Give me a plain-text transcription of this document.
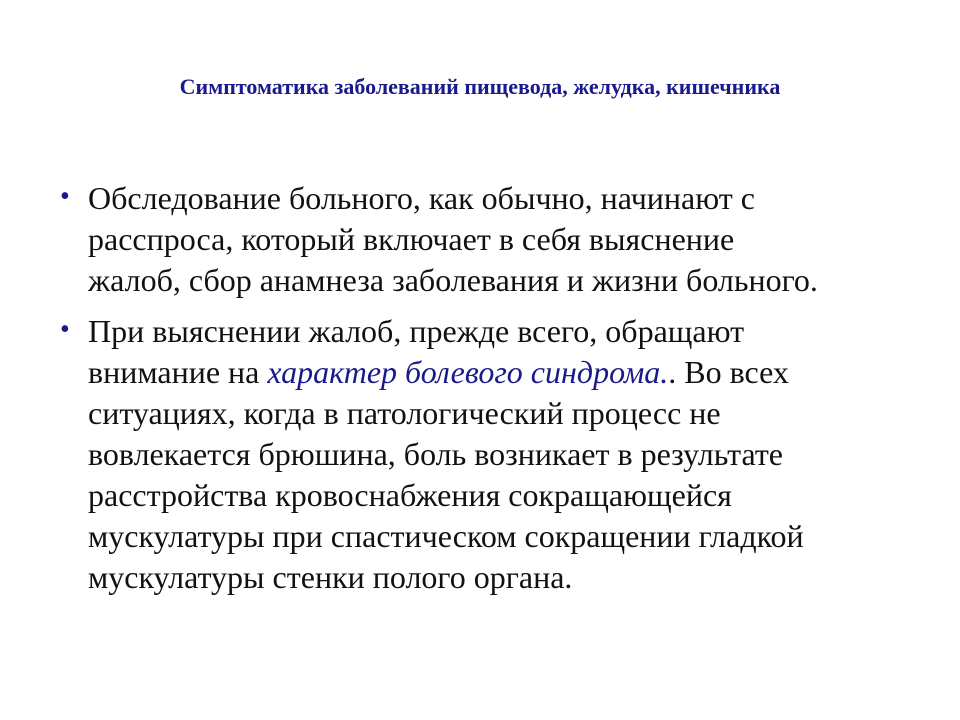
Симптоматика заболеваний пищевода, желудка, кишечника
• Обследование больного, как обычно, начинают с
расспроса, который включает в себя выяснение
жалоб, сбор анамнеза заболевания и жизни больного.
• При выяснении жалоб, прежде всего, обращают
внимание на характер болевого синдрома.. Во всех
ситуациях, когда в патологический процесс не
вовлекается брюшина, боль возникает в результате
расстройства кровоснабжения сокращающейся
мускулатуры при спастическом сокращении гладкой
мускулатуры стенки полого органа.
